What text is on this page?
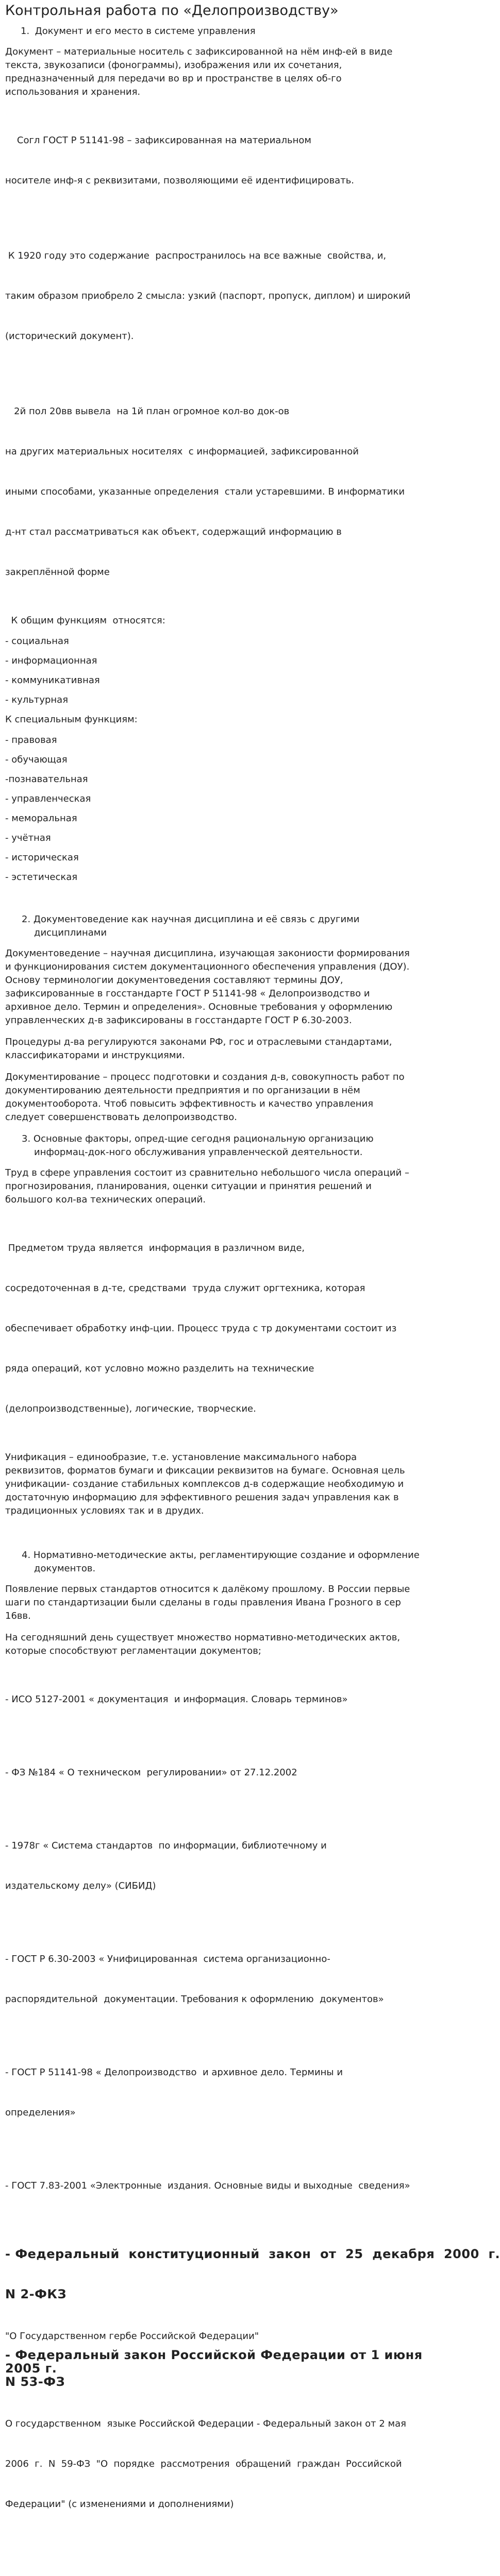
Контрольная работа по «Делопроизводству»
1. Документ и его место в системе управления

Документ – материальные носитель с зафиксированной на нём инф-ей в виде
текста, звукозаписи (фонограммы), изображения или их сочетания,
предназначенный для передачи во вр и пространстве в целях об-го
использования и хранения.

Согл ГОСТ Р 51141-98 – зафиксированная на материальном

носителе инф-я с реквизитами, позволяющими её идентифицировать.

К 1920 году это содержание  распространилось на все важные  свойства, и,

таким образом приобрело 2 смысла: узкий (паспорт, пропуск, диплом) и широкий

(исторический документ).

2й пол 20вв вывела  на 1й план огромное кол-во док-ов

на других материальных носителях  с информацией, зафиксированной

иными способами, указанные определения  стали устаревшими. В информатики

д-нт стал рассматриваться как объект, содержащий информацию в

закреплённой форме

К общим функциям  относятся:

- социальная

- информационная

- коммуникативная

- культурная

К специальным функциям:

- правовая

- обучающая

-познавательная

- управленческая

- меморальная

- учётная

- историческая

- эстетическая

2. Документоведение как научная дисциплина и её связь с другими
дисциплинами

Документоведение – научная дисциплина, изучающая закониости формирования
и функционирования систем документационного обеспечения управления (ДОУ).
Основу терминологии документоведения составляют термины ДОУ,
зафиксированные в госстандарте ГОСТ Р 51141-98 « Делопроизводство и
архивное дело. Термин и определения». Основные требования у оформлению
управленческих д-в зафиксированы в госстандарте ГОСТ Р 6.30-2003.

Процедуры д-ва регулируются законами РФ, гос и отраслевыми стандартами,
классификаторами и инструкциями.

Документирование – процесс подготовки и создания д-в, совокупность работ по
документированию деятельности предприятия и по организации в нём
документооборота. Чтоб повысить эффективность и качество управления
следует совершенствовать делопроизводство.

3. Основные факторы, опред-щие сегодня рациональную организацию
информац-док-ного обслуживания управленческой деятельности.

Труд в сфере управления состоит из сравнительно небольшого числа операций –
прогнозирования, планирования, оценки ситуации и принятия решений и
большого кол-ва технических операций.

Предметом труда является  информация в различном виде,

сосредоточенная в д-те, средствами  труда служит оргтехника, которая

обеспечивает обработку инф-ции. Процесс труда с тр документами состоит из

ряда операций, кот условно можно разделить на технические

(делопроизводственные), логические, творческие.

Унификация – единообразие, т.е. установление максимального набора
реквизитов, форматов бумаги и фиксации реквизитов на бумаге. Основная цель
унификации- создание стабильных комплексов д-в содержащие необходимую и
достаточную информацию для эффективного решения задач управления как в
традиционных условиях так и в друдих.

4. Нормативно-методические акты, регламентирующие создание и оформление
документов.

Появление первых стандартов относится к далёкому прошлому. В России первые
шаги по стандартизации были сделаны в годы правления Ивана Грозного в сер
16вв.

На сегодняшний день существует множество нормативно-методических актов,
которые способствуют регламентации документов;

- ИСО 5127-2001 « документация  и информация. Словарь терминов»

- ФЗ №184 « О техническом  регулировании» от 27.12.2002

- 1978г « Система стандартов  по информации, библиотечному и

издательскому делу» (СИБИД)

- ГОСТ Р 6.30-2003 « Унифицированная  система организационно-

распорядительной  документации. Требования к оформлению  документов»

- ГОСТ Р 51141-98 « Делопроизводство  и архивное дело. Термины и

определения»

- ГОСТ 7.83-2001 «Электронные  издания. Основные виды и выходные  сведения»

- Федеральный  конституционный  закон  от  25  декабря  2000  г.

N 2-ФКЗ

"О Государственном гербе Российской Федерации"

- Федеральный закон Российской Федерации от 1 июня 2005 г.
N 53-ФЗ

О государственном  языке Российской Федерации - Федеральный закон от 2 мая

2006  г.  N  59-ФЗ  "О  порядке  рассмотрения  обращений  граждан  Российской

Федерации" (с изменениями и дополнениями)
